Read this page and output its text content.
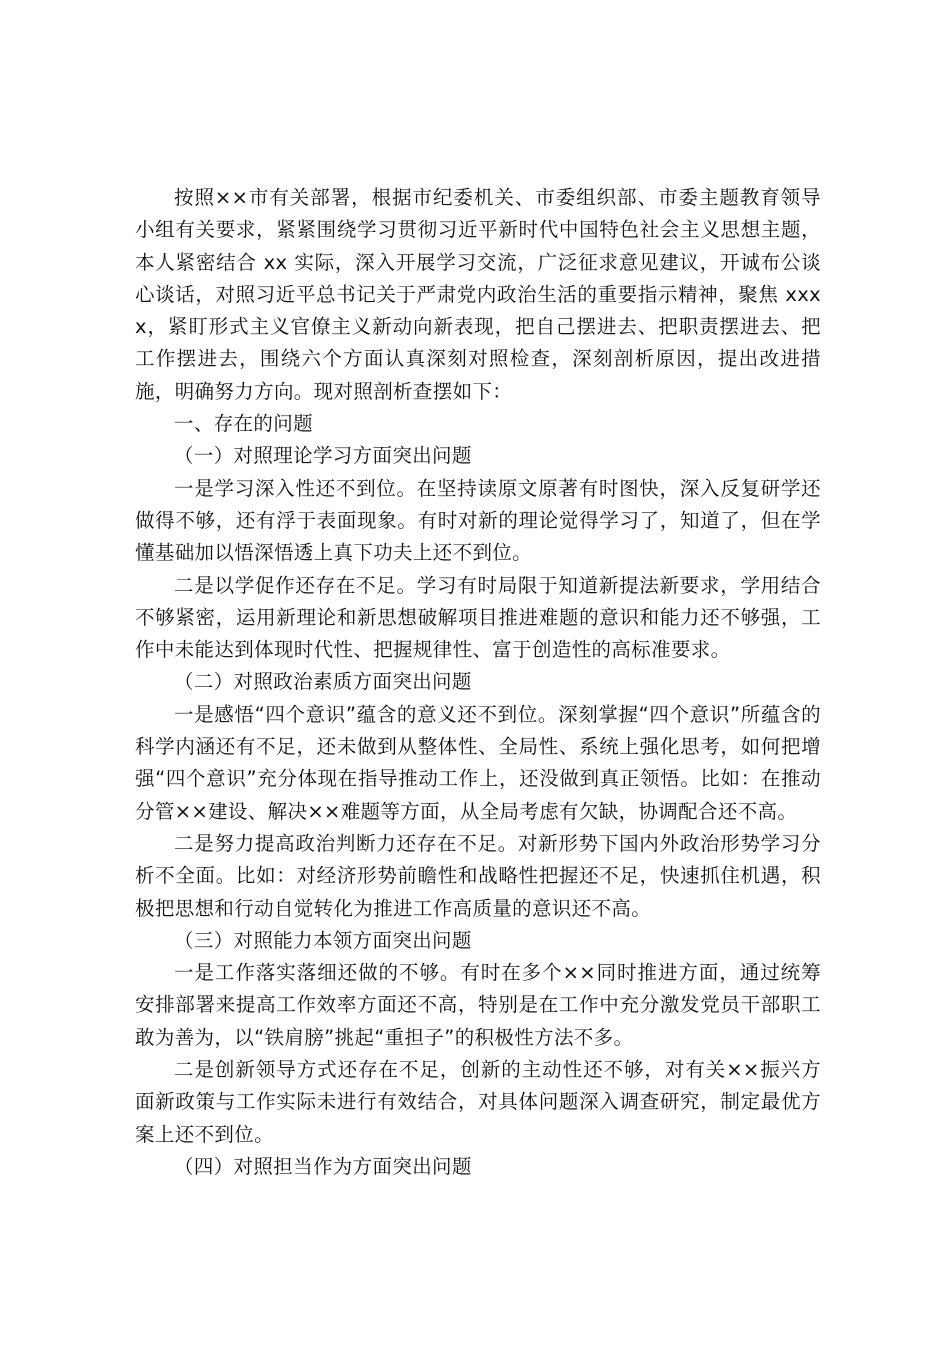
按照××市有关部署，根据市纪委机关、市委组织部、市委主题教育领导小组有关要求，紧紧围绕学习贯彻习近平新时代中国特色社会主义思想主题，本人紧密结合 xx 实际，深入开展学习交流，广泛征求意见建议，开诚布公谈心谈话，对照习近平总书记关于严肃党内政治生活的重要指示精神，聚焦 xxxx，紧盯形式主义官僚主义新动向新表现，把自己摆进去、把职责摆进去、把工作摆进去，围绕六个方面认真深刻对照检查，深刻剖析原因，提出改进措施，明确努力方向。现对照剖析查摆如下：

一、存在的问题

（一）对照理论学习方面突出问题

一是学习深入性还不到位。在坚持读原文原著有时图快，深入反复研学还做得不够，还有浮于表面现象。有时对新的理论觉得学习了，知道了，但在学懂基础加以悟深悟透上真下功夫上还不到位。

二是以学促作还存在不足。学习有时局限于知道新提法新要求，学用结合不够紧密，运用新理论和新思想破解项目推进难题的意识和能力还不够强，工作中未能达到体现时代性、把握规律性、富于创造性的高标准要求。

（二）对照政治素质方面突出问题

一是感悟“四个意识”蕴含的意义还不到位。深刻掌握“四个意识”所蕴含的科学内涵还有不足，还未做到从整体性、全局性、系统上强化思考，如何把增强“四个意识”充分体现在指导推动工作上，还没做到真正领悟。比如：在推动分管××建设、解决××难题等方面，从全局考虑有欠缺，协调配合还不高。

二是努力提高政治判断力还存在不足。对新形势下国内外政治形势学习分析不全面。比如：对经济形势前瞻性和战略性把握还不足，快速抓住机遇，积极把思想和行动自觉转化为推进工作高质量的意识还不高。

（三）对照能力本领方面突出问题

一是工作落实落细还做的不够。有时在多个××同时推进方面，通过统筹安排部署来提高工作效率方面还不高，特别是在工作中充分激发党员干部职工敢为善为，以“铁肩膀”挑起“重担子”的积极性方法不多。

二是创新领导方式还存在不足，创新的主动性还不够，对有关××振兴方面新政策与工作实际未进行有效结合，对具体问题深入调查研究，制定最优方案上还不到位。

（四）对照担当作为方面突出问题
